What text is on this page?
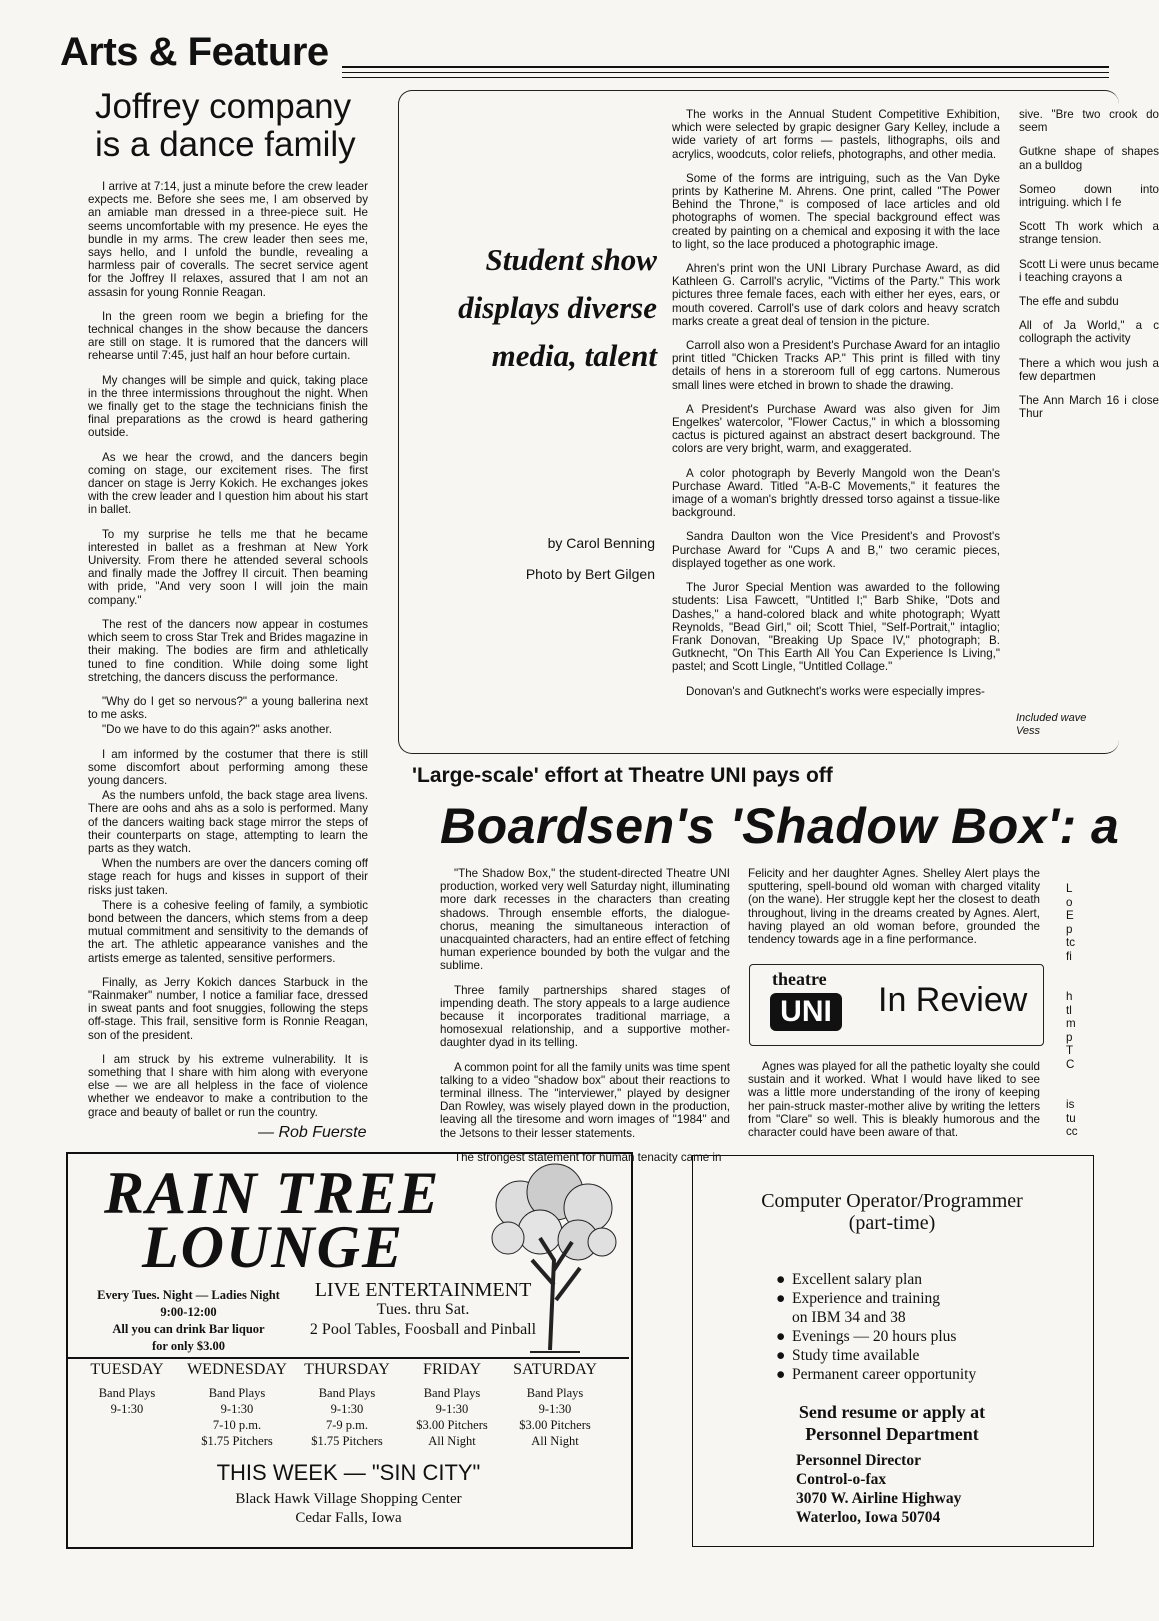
Arts & Feature
Joffrey company is a dance family

I arrive at 7:14, just a minute before the crew leader expects me. Before she sees me, I am observed by an amiable man dressed in a three-piece suit. He seems uncomfortable with my presence. He eyes the bundle in my arms. The crew leader then sees me, says hello, and I unfold the bundle, revealing a harmless pair of coveralls. The secret service agent for the Joffrey II relaxes, assured that I am not an assasin for young Ronnie Reagan.

In the green room we begin a briefing for the technical changes in the show because the dancers are still on stage. It is rumored that the dancers will rehearse until 7:45, just half an hour before curtain.

My changes will be simple and quick, taking place in the three intermissions throughout the night. When we finally get to the stage the technicians finish the final preparations as the crowd is heard gathering outside.

As we hear the crowd, and the dancers begin coming on stage, our excitement rises. The first dancer on stage is Jerry Kokich. He exchanges jokes with the crew leader and I question him about his start in ballet.

To my surprise he tells me that he became interested in ballet as a freshman at New York University. From there he attended several schools and finally made the Joffrey II circuit. Then beaming with pride, "And very soon I will join the main company."

The rest of the dancers now appear in costumes which seem to cross Star Trek and Brides magazine in their making. The bodies are firm and athletically tuned to fine condition. While doing some light stretching, the dancers discuss the performance.

"Why do I get so nervous?" a young ballerina next to me asks.

"Do we have to do this again?" asks another.

I am informed by the costumer that there is still some discomfort about performing among these young dancers.

As the numbers unfold, the back stage area livens. There are oohs and ahs as a solo is performed. Many of the dancers waiting back stage mirror the steps of their counterparts on stage, attempting to learn the parts as they watch.

When the numbers are over the dancers coming off stage reach for hugs and kisses in support of their risks just taken.

There is a cohesive feeling of family, a symbiotic bond between the dancers, which stems from a deep mutual commitment and sensitivity to the demands of the art. The athletic appearance vanishes and the artists emerge as talented, sensitive performers.

Finally, as Jerry Kokich dances Starbuck in the "Rainmaker" number, I notice a familiar face, dressed in sweat pants and foot snuggies, following the steps off-stage. This frail, sensitive form is Ronnie Reagan, son of the president.

I am struck by his extreme vulnerability. It is something that I share with him along with everyone else — we are all helpless in the face of violence whether we endeavor to make a contribution to the grace and beauty of ballet or run the country.

— Rob Fuerste
Student show
displays diverse
media, talent
by Carol Benning
Photo by Bert Gilgen

The works in the Annual Student Competitive Exhibition, which were selected by grapic designer Gary Kelley, include a wide variety of art forms — pastels, lithographs, oils and acrylics, woodcuts, color reliefs, photographs, and other media.

Some of the forms are intriguing, such as the Van Dyke prints by Katherine M. Ahrens. One print, called "The Power Behind the Throne," is composed of lace articles and old photographs of women. The special background effect was created by painting on a chemical and exposing it with the lace to light, so the lace produced a photographic image.

Ahren's print won the UNI Library Purchase Award, as did Kathleen G. Carroll's acrylic, "Victims of the Party." This work pictures three female faces, each with either her eyes, ears, or mouth covered. Carroll's use of dark colors and heavy scratch marks create a great deal of tension in the picture.

Carroll also won a President's Purchase Award for an intaglio print titled "Chicken Tracks AP." This print is filled with tiny details of hens in a storeroom full of egg cartons. Numerous small lines were etched in brown to shade the drawing.

A President's Purchase Award was also given for Jim Engelkes' watercolor, "Flower Cactus," in which a blossoming cactus is pictured against an abstract desert background. The colors are very bright, warm, and exaggerated.

A color photograph by Beverly Mangold won the Dean's Purchase Award. Titled "A-B-C Movements," it features the image of a woman's brightly dressed torso against a tissue-like background.

Sandra Daulton won the Vice President's and Provost's Purchase Award for "Cups A and B," two ceramic pieces, displayed together as one work.

The Juror Special Mention was awarded to the following students: Lisa Fawcett, "Untitled I;" Barb Shike, "Dots and Dashes," a hand-colored black and white photograph; Wyatt Reynolds, "Bead Girl," oil; Scott Thiel, "Self-Portrait," intaglio; Frank Donovan, "Breaking Up Space IV," photograph; B. Gutknecht, "On This Earth All You Can Experience Is Living," pastel; and Scott Lingle, "Untitled Collage."

Donovan's and Gutknecht's works were especially impres-

sive. "Bre two crook do seem

Gutkne shape of shapes an a bulldog

Someo down into intriguing. which I fe

Scott Th work which a strange tension.

Scott Li were unus became i teaching crayons a

The effe and subdu

All of Ja World," a c collograph the activity

There a which wou jush a few departmen

The Ann March 16 i close Thur

Included wave Vess
'Large-scale' effort at Theatre UNI pays off
Boardsen's 'Shadow Box': a

"The Shadow Box," the student-directed Theatre UNI production, worked very well Saturday night, illuminating more dark recesses in the characters than creating shadows. Through ensemble efforts, the dialogue-chorus, meaning the simultaneous interaction of unacquainted characters, had an entire effect of fetching human experience bounded by both the vulgar and the sublime.

Three family partnerships shared stages of impending death. The story appeals to a large audience because it incorporates traditional marriage, a homosexual relationship, and a supportive mother-daughter dyad in its telling.

A common point for all the family units was time spent talking to a video "shadow box" about their reactions to terminal illness. The "interviewer," played by designer Dan Rowley, was wisely played down in the production, leaving all the tiresome and worn images of "1984" and the Jetsons to their lesser statements.

The strongest statement for human tenacity came in

Felicity and her daughter Agnes. Shelley Alert plays the sputtering, spell-bound old woman with charged vitality (on the wane). Her struggle kept her the closest to death throughout, living in the dreams created by Agnes. Alert, having played an old woman before, grounded the tendency towards age in a fine performance.

theatre
UNI In Review

Agnes was played for all the pathetic loyalty she could sustain and it worked. What I would have liked to see was a little more understanding of the irony of keeping her pain-struck master-mother alive by writing the letters from "Clare" so well. This is bleakly humorous and the character could have been aware of that.

L
o
E
p
tc
fi

h
tl
m
p
T
C

is
tu
cc
RAIN TREE
LOUNGE
Every Tues. Night — Ladies Night
9:00-12:00
All you can drink Bar liquor
for only $3.00
LIVE ENTERTAINMENT
Tues. thru Sat.
2 Pool Tables, Foosball and Pinball
TUESDAY
Band Plays
9-1:30
WEDNESDAY
Band Plays
9-1:30
7-10 p.m.
$1.75 Pitchers
THURSDAY
Band Plays
9-1:30
7-9 p.m.
$1.75 Pitchers
FRIDAY
Band Plays
9-1:30
$3.00 Pitchers
All Night
SATURDAY
Band Plays
9-1:30
$3.00 Pitchers
All Night
THIS WEEK — "SIN CITY"
Black Hawk Village Shopping Center
Cedar Falls, Iowa
Computer Operator/Programmer
(part-time)
● Excellent salary plan
● Experience and training
on IBM 34 and 38
● Evenings — 20 hours plus
● Study time available
● Permanent career opportunity
Send resume or apply at
Personnel Department
Personnel Director
Control-o-fax
3070 W. Airline Highway
Waterloo, Iowa 50704
